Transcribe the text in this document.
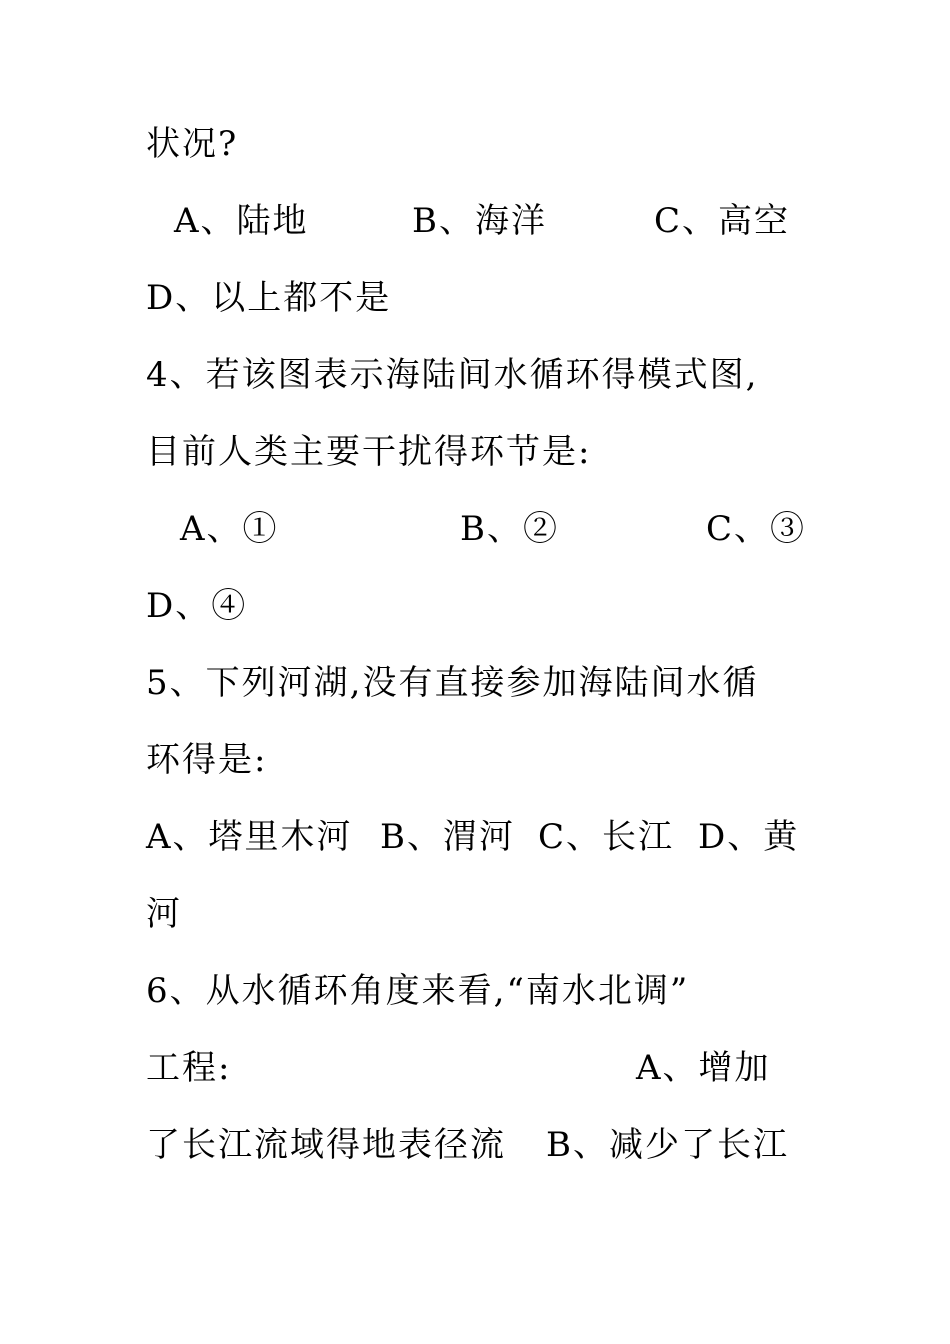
状况?
A、陆地	B、海洋	C、高空
D、以上都不是
4、若该图表示海陆间水循环得模式图,
目前人类主要干扰得环节是:
A、①	B、②	C、③
D、④
5、下列河湖,没有直接参加海陆间水循
环得是:
A、塔里木河 B、渭河 C、长江 D、黄
河
6、从水循环角度来看,“南水北调”
工程:	A、增加
了长江流域得地表径流 B、减少了长江
